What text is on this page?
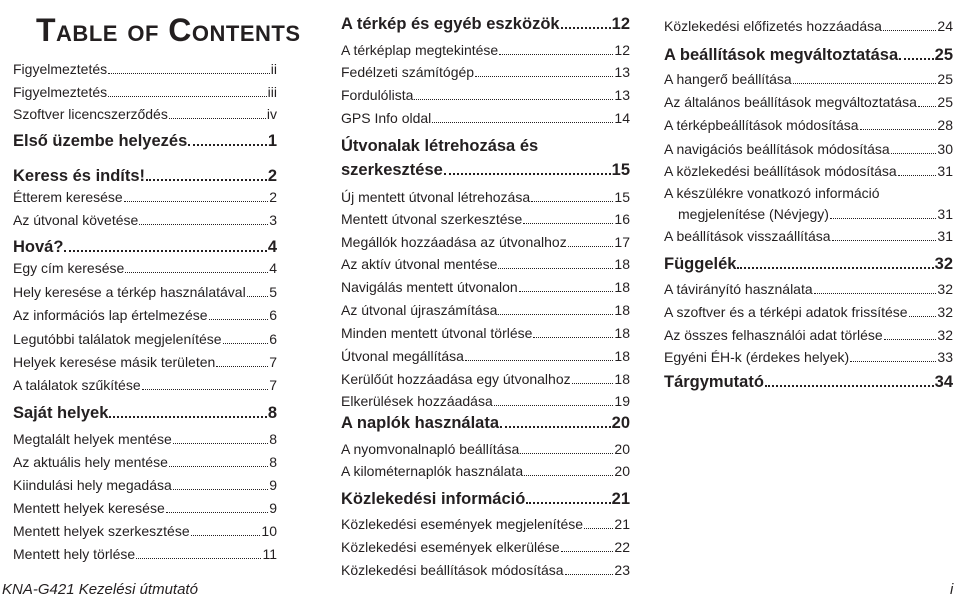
Table of Contents
Figyelmeztetés	ii
Figyelmeztetés	iii
Szoftver licencszerződés	iv
Első üzembe helyezés	1
Keress és indíts!	2
Étterem keresése	2
Az útvonal követése	3
Hová?	4
Egy cím keresése	4
Hely keresése a térkép használatával 5
Az információs lap értelmezése	6
Legutóbbi találatok megjelenítése	6
Helyek keresése másik területen	7
A találatok szűkítése	7
Saját helyek	8
Megtalált helyek mentése	8
Az aktuális hely mentése	8
Kiindulási hely megadása	9
Mentett helyek keresése	9
Mentett helyek szerkesztése	10
Mentett hely törlése	11
A térkép és egyéb eszközök	12
A térképlap megtekintése	12
Fedélzeti számítógép	13
Fordulólista	13
GPS Info oldal	14
Útvonalak létrehozása és
szerkesztése	15
Új mentett útvonal létrehozása	15
Mentett útvonal szerkesztése	16
Megállók hozzáadása az útvonalhoz	17
Az aktív útvonal mentése	18
Navigálás mentett útvonalon	18
Az útvonal újraszámítása	18
Minden mentett útvonal törlése	18
Útvonal megállítása	18
Kerülőút hozzáadása egy útvonalhoz	18
Elkerülések hozzáadása	19
A naplók használata	20
A nyomvonalnapló beállítása	20
A kilométernaplók használata	20
Közlekedési információ	21
Közlekedési események megjelenítése 21
Közlekedési események elkerülése	22
Közlekedési beállítások módosítása	23
Közlekedési előfizetés hozzáadása	24
A beállítások megváltoztatása 25
A hangerő beállítása	25
Az általános beállítások megváltoztatása 25
A térképbeállítások módosítása	28
A navigációs beállítások módosítása	30
A közlekedési beállítások módosítása	31
A készülékre vonatkozó információ
megjelenítése (Névjegy)	31
A beállítások visszaállítása	31
Függelék	32
A távirányító használata	32
A szoftver és a térképi adatok frissítése 32
Az összes felhasználói adat törlése	32
Egyéni ÉH-k (érdekes helyek)	33
Tárgymutató	34
KNA-G421 Kezelési útmutató	i
